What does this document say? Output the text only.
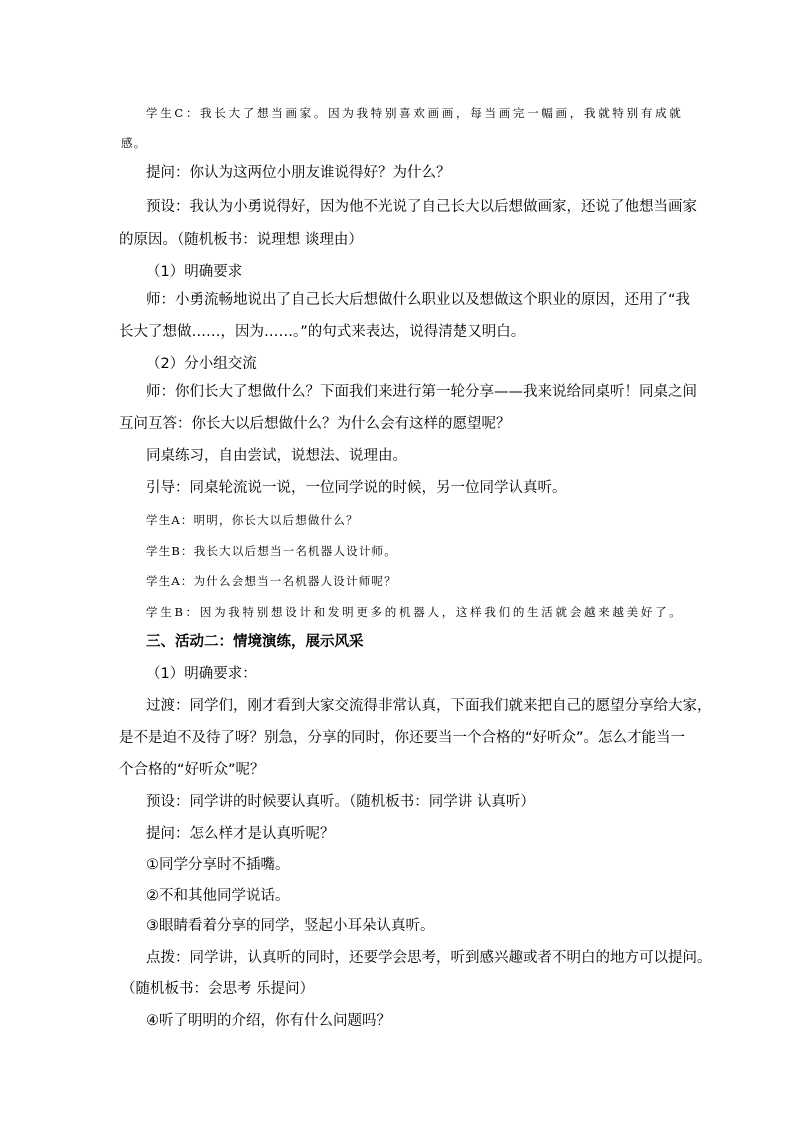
学生C：我长大了想当画家。因为我特别喜欢画画，每当画完一幅画，我就特别有成就
感。
提问：你认为这两位小朋友谁说得好？为什么？
预设：我认为小勇说得好，因为他不光说了自己长大以后想做画家，还说了他想当画家
的原因。（随机板书：说理想 谈理由）
（1）明确要求
师：小勇流畅地说出了自己长大后想做什么职业以及想做这个职业的原因，还用了“我
长大了想做……，因为……。”的句式来表达，说得清楚又明白。
（2）分小组交流
师：你们长大了想做什么？下面我们来进行第一轮分享——我来说给同桌听！同桌之间
互问互答：你长大以后想做什么？为什么会有这样的愿望呢？
同桌练习，自由尝试，说想法、说理由。
引导：同桌轮流说一说，一位同学说的时候，另一位同学认真听。
学生A：明明，你长大以后想做什么？
学生B：我长大以后想当一名机器人设计师。
学生A：为什么会想当一名机器人设计师呢？
学生B：因为我特别想设计和发明更多的机器人，这样我们的生活就会越来越美好了。
三、活动二：情境演练，展示风采
（1）明确要求：
过渡：同学们，刚才看到大家交流得非常认真，下面我们就来把自己的愿望分享给大家，
是不是迫不及待了呀？别急，分享的同时，你还要当一个合格的“好听众”。怎么才能当一
个合格的“好听众”呢？
预设：同学讲的时候要认真听。（随机板书：同学讲 认真听）
提问：怎么样才是认真听呢？
①同学分享时不插嘴。
②不和其他同学说话。
③眼睛看着分享的同学，竖起小耳朵认真听。
点拨：同学讲，认真听的同时，还要学会思考，听到感兴趣或者不明白的地方可以提问。
（随机板书：会思考 乐提问）
④听了明明的介绍，你有什么问题吗？
